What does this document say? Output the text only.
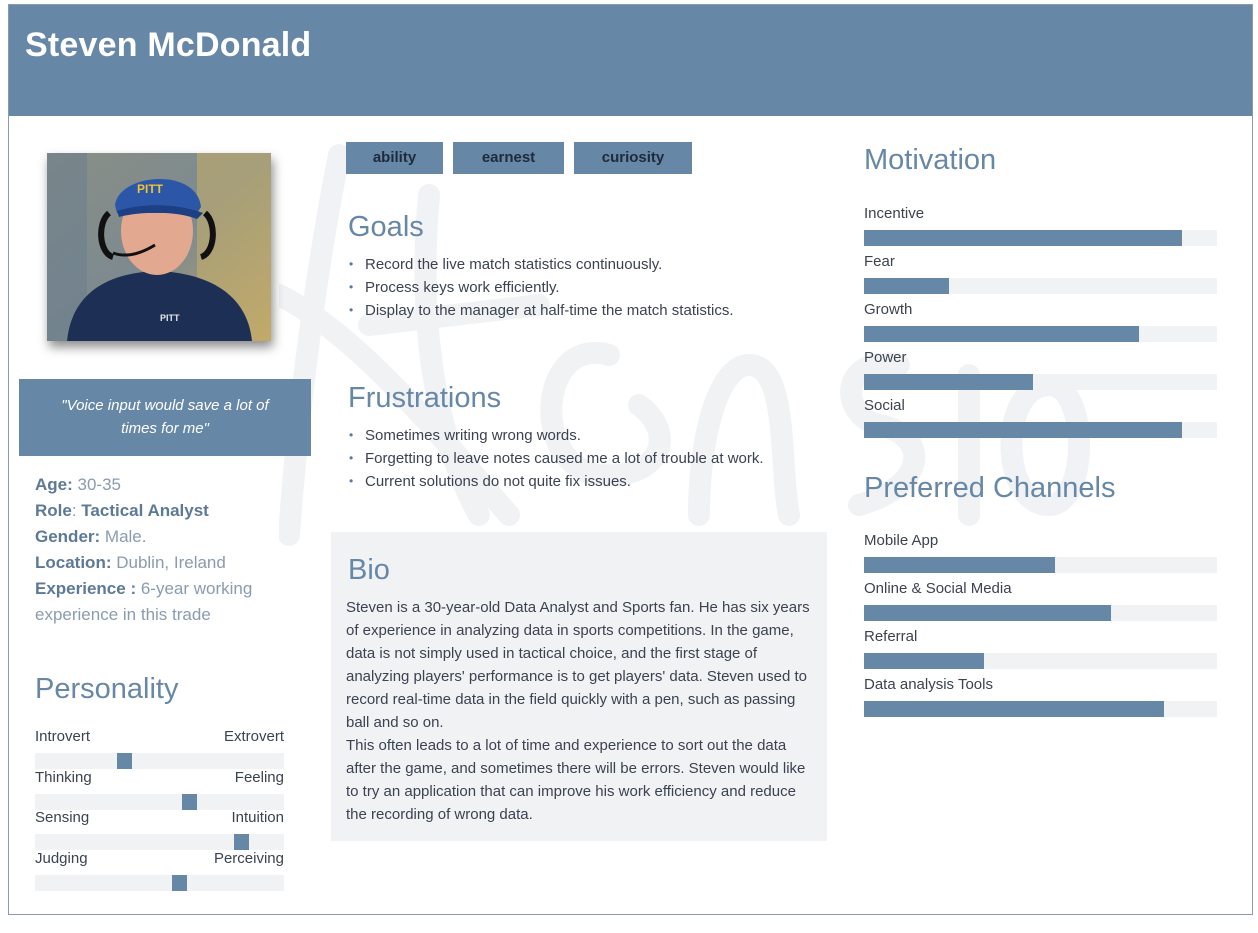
Steven McDonald
PITT
PITT
"Voice input would save a lot of times for me"
Age: 30-35
Role: Tactical Analyst
Gender: Male.
Location: Dublin, Ireland
Experience : 6-year working experience in this trade
Personality
Introvert	Extrovert
Thinking	Feeling
Sensing	Intuition
Judging	Perceiving
ability	earnest	curiosity
Goals
• Record the live match statistics continuously.
• Process keys work efficiently.
• Display to the manager at half-time the match statistics.
Frustrations
• Sometimes writing wrong words.
• Forgetting to leave notes caused me a lot of trouble at work.
• Current solutions do not quite fix issues.
Bio
Steven is a 30-year-old Data Analyst and Sports fan. He has six years of experience in analyzing data in sports competitions. In the game, data is not simply used in tactical choice, and the first stage of analyzing players' performance is to get players' data. Steven used to record real-time data in the field quickly with a pen, such as passing ball and so on.
This often leads to a lot of time and experience to sort out the data after the game, and sometimes there will be errors. Steven would like to try an application that can improve his work efficiency and reduce the recording of wrong data.
Motivation
Incentive
Fear
Growth
Power
Social
Preferred Channels
Mobile App
Online & Social Media
Referral
Data analysis Tools
